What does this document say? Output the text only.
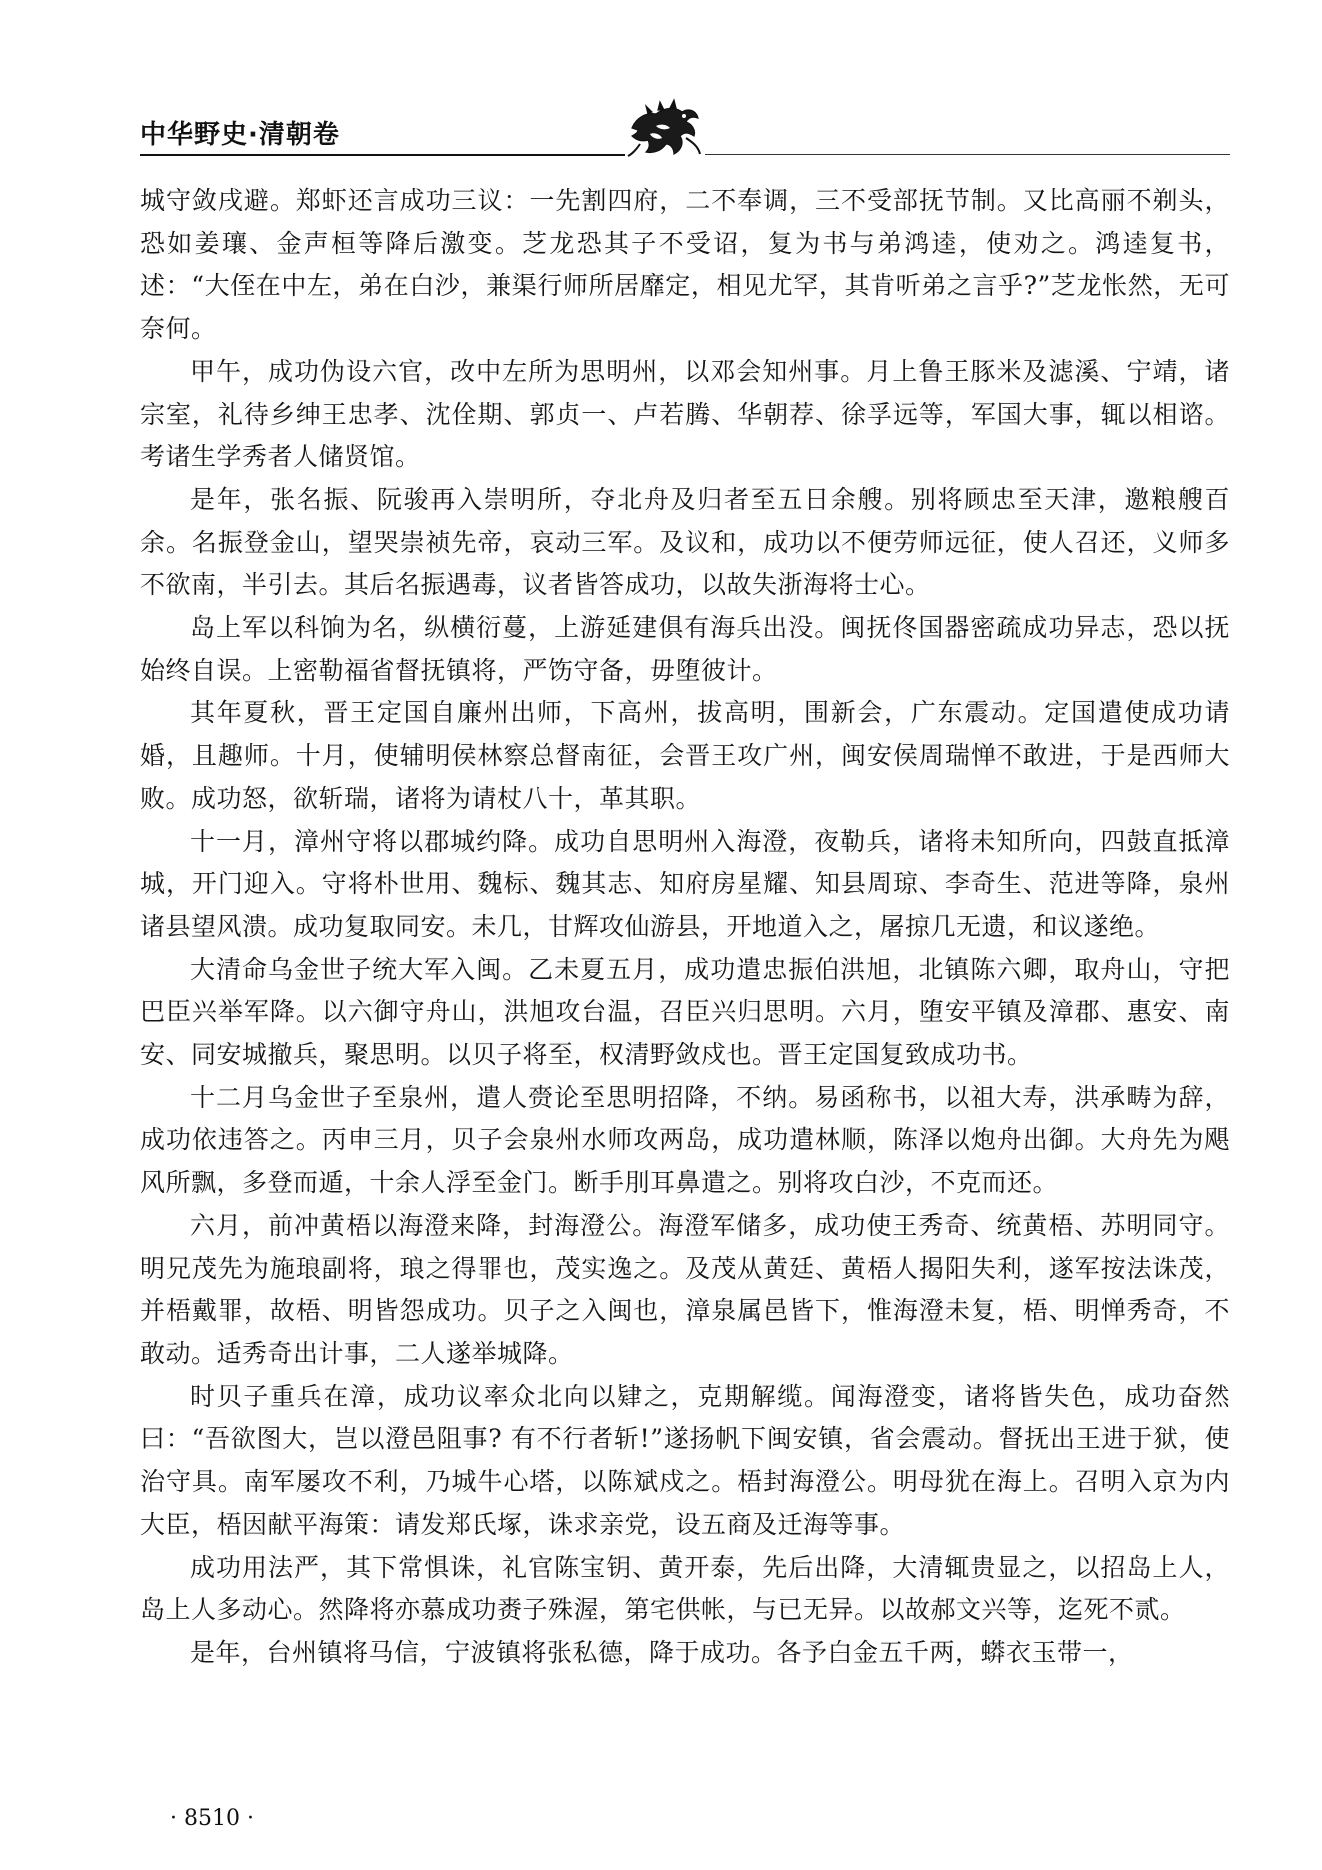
中华野史·清朝卷

城守敛戌避。郑虾还言成功三议：一先割四府，二不奉调，三不受部抚节制。又比高丽不剃头，恐如姜瓖、金声桓等降后激变。芝龙恐其子不受诏，复为书与弟鸿逵，使劝之。鸿逵复书，述：“大侄在中左，弟在白沙，兼渠行师所居靡定，相见尤罕，其肯听弟之言乎?”芝龙怅然，无可奈何。

甲午，成功伪设六官，改中左所为思明州，以邓会知州事。月上鲁王豚米及滤溪、宁靖，诸宗室，礼待乡绅王忠孝、沈佺期、郭贞一、卢若腾、华朝荐、徐孚远等，军国大事，辄以相谘。考诸生学秀者人储贤馆。

是年，张名振、阮骏再入崇明所，夺北舟及归者至五日余艘。别将顾忠至天津，邀粮艘百余。名振登金山，望哭崇祯先帝，哀动三军。及议和，成功以不便劳师远征，使人召还，义师多不欲南，半引去。其后名振遇毒，议者皆答成功，以故失浙海将士心。

岛上军以科饷为名，纵横衍蔓，上游延建俱有海兵出没。闽抚佟国器密疏成功异志，恐以抚始终自误。上密勒福省督抚镇将，严饬守备，毋堕彼计。

其年夏秋，晋王定国自廉州出师，下高州，拔高明，围新会，广东震动。定国遣使成功请婚，且趣师。十月，使辅明侯林察总督南征，会晋王攻广州，闽安侯周瑞惮不敢进，于是西师大败。成功怒，欲斩瑞，诸将为请杖八十，革其职。

十一月，漳州守将以郡城约降。成功自思明州入海澄，夜勒兵，诸将未知所向，四鼓直抵漳城，开门迎入。守将朴世用、魏标、魏其志、知府房星耀、知县周琼、李奇生、范进等降，泉州诸县望风溃。成功复取同安。未几，甘辉攻仙游县，开地道入之，屠掠几无遗，和议遂绝。

大清命乌金世子统大军入闽。乙未夏五月，成功遣忠振伯洪旭，北镇陈六卿，取舟山，守把巴臣兴举军降。以六御守舟山，洪旭攻台温，召臣兴归思明。六月，堕安平镇及漳郡、惠安、南安、同安城撤兵，聚思明。以贝子将至，权清野敛戍也。晋王定国复致成功书。

十二月乌金世子至泉州，遣人赍论至思明招降，不纳。易函称书，以祖大寿，洪承畴为辞，成功依违答之。丙申三月，贝子会泉州水师攻两岛，成功遣林顺，陈泽以炮舟出御。大舟先为飓风所飘，多登而遁，十余人浮至金门。断手刖耳鼻遣之。别将攻白沙，不克而还。

六月，前冲黄梧以海澄来降，封海澄公。海澄军储多，成功使王秀奇、统黄梧、苏明同守。明兄茂先为施琅副将，琅之得罪也，茂实逸之。及茂从黄廷、黄梧人揭阳失利，遂军按法诛茂，并梧戴罪，故梧、明皆怨成功。贝子之入闽也，漳泉属邑皆下，惟海澄未复，梧、明惮秀奇，不敢动。适秀奇出计事，二人遂举城降。

时贝子重兵在漳，成功议率众北向以肄之，克期解缆。闻海澄变，诸将皆失色，成功奋然曰：“吾欲图大，岂以澄邑阻事? 有不行者斩!”遂扬帆下闽安镇，省会震动。督抚出王进于狱，使治守具。南军屡攻不利，乃城牛心塔，以陈斌戍之。梧封海澄公。明母犹在海上。召明入京为内大臣，梧因献平海策：请发郑氏塚，诛求亲党，设五商及迁海等事。

成功用法严，其下常惧诛，礼官陈宝钥、黄开泰，先后出降，大清辄贵显之，以招岛上人，岛上人多动心。然降将亦慕成功赉子殊渥，第宅供帐，与已无异。以故郝文兴等，迄死不贰。

是年，台州镇将马信，宁波镇将张私德，降于成功。各予白金五千两，蟒衣玉带一，

· 8510 ·
